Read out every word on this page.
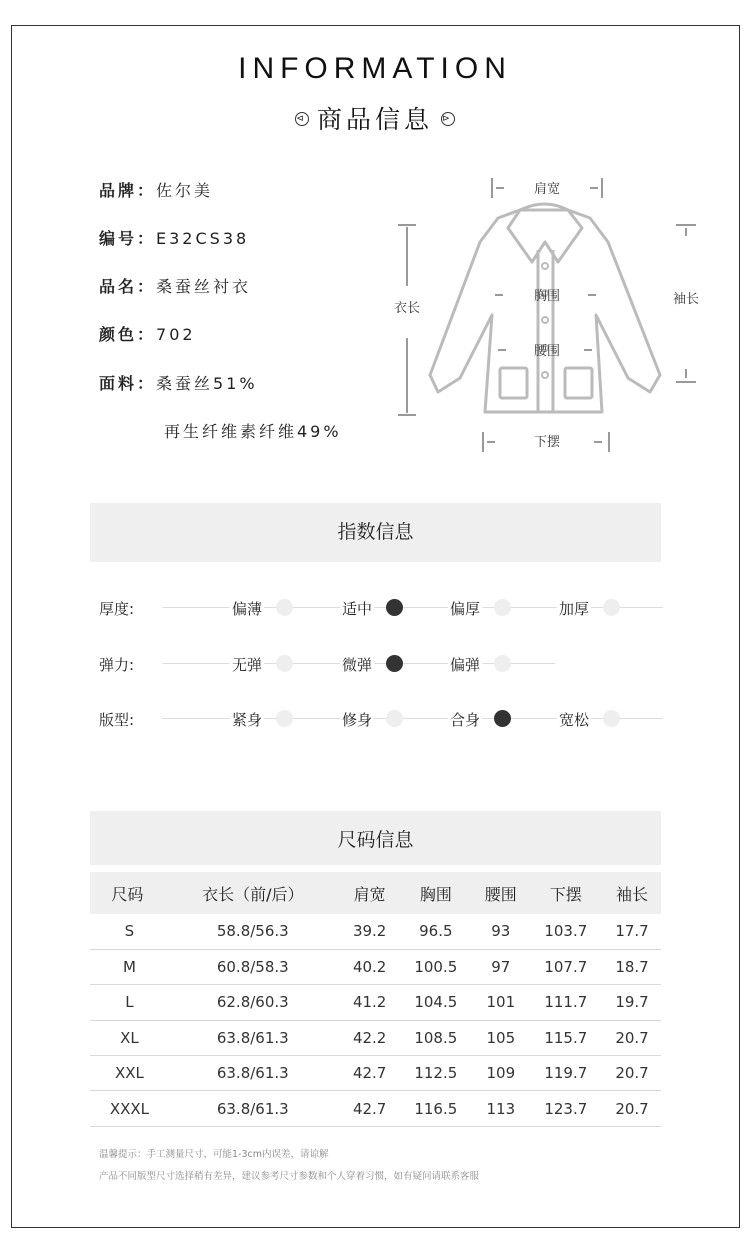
INFORMATION
⊲ 商品信息 ⊳
品牌：佐尔美
编号：E32CS38
品名：桑蚕丝衬衣
颜色：702
面料：桑蚕丝51%
再生纤维素纤维49%
肩宽
衣长
胸围
腰围
下摆
袖长
指数信息
厚度:	偏薄	适中	偏厚	加厚
弹力:	无弹	微弹	偏弹
版型:	紧身	修身	合身	宽松
尺码信息
尺码	衣长（前/后）	肩宽	胸围	腰围	下摆	袖长
S	58.8/56.3	39.2	96.5	93	103.7	17.7
M	60.8/58.3	40.2	100.5	97	107.7	18.7
L	62.8/60.3	41.2	104.5	101	111.7	19.7
XL	63.8/61.3	42.2	108.5	105	115.7	20.7
XXL	63.8/61.3	42.7	112.5	109	119.7	20.7
XXXL	63.8/61.3	42.7	116.5	113	123.7	20.7
温馨提示：手工测量尺寸，可能1-3cm内误差，请谅解
产品不同版型尺寸选择稍有差异，建议参考尺寸参数和个人穿着习惯，如有疑问请联系客服
